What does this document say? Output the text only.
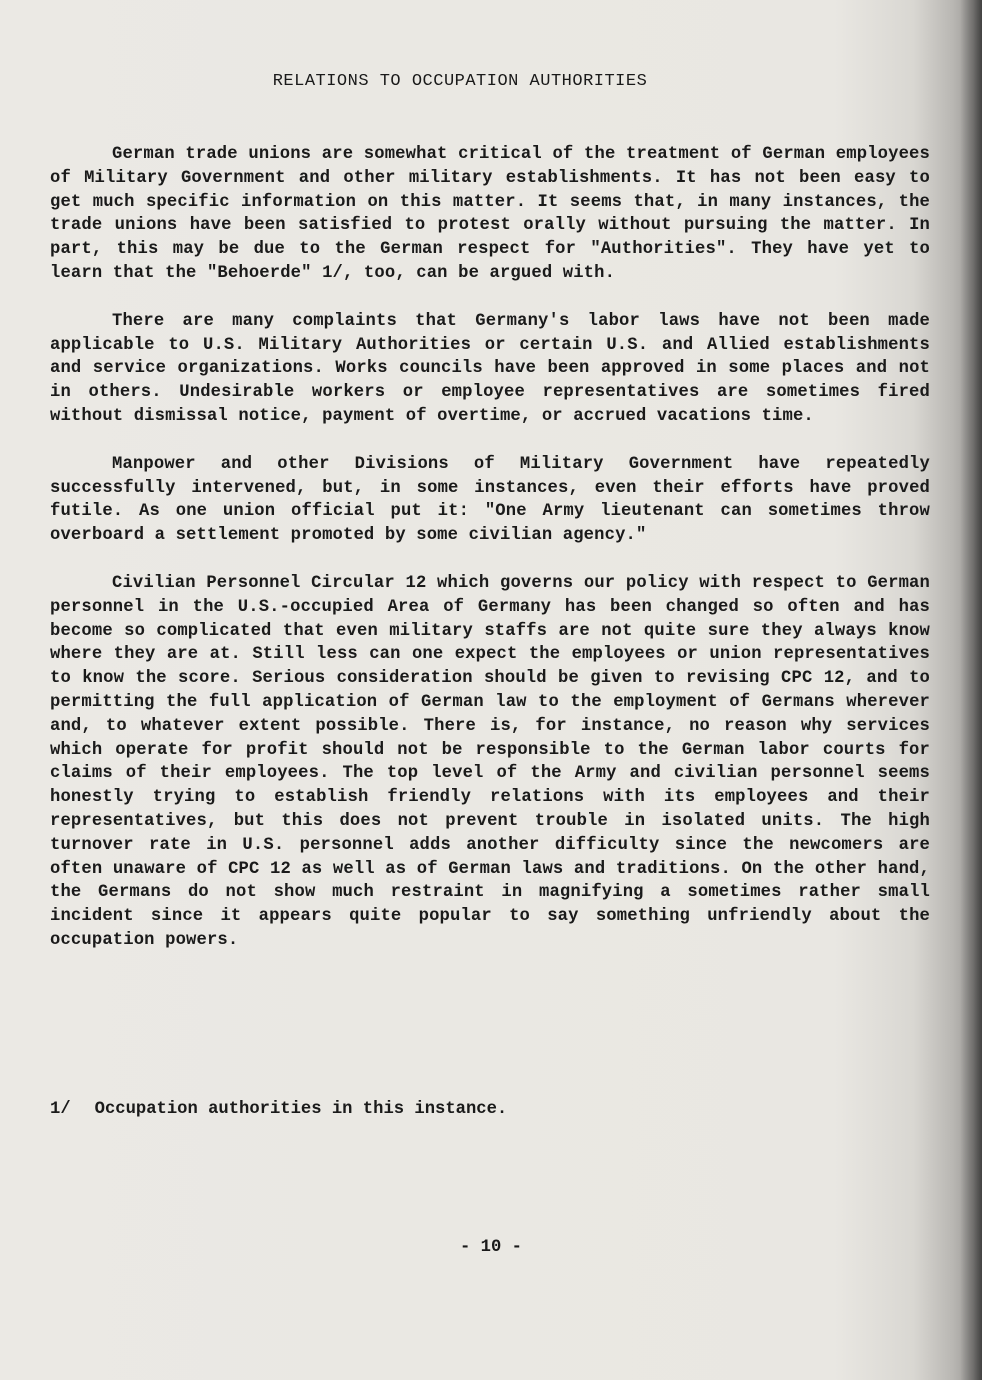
RELATIONS TO OCCUPATION AUTHORITIES

German trade unions are somewhat critical of the treatment of German employees of Military Government and other military establishments. It has not been easy to get much specific information on this matter. It seems that, in many instances, the trade unions have been satisfied to protest orally without pursuing the matter. In part, this may be due to the German respect for "Authorities". They have yet to learn that the "Behoerde" 1/, too, can be argued with.

There are many complaints that Germany's labor laws have not been made applicable to U.S. Military Authorities or certain U.S. and Allied establishments and service organizations. Works councils have been approved in some places and not in others. Undesirable workers or employee representatives are sometimes fired without dismissal notice, payment of overtime, or accrued vacations time.

Manpower and other Divisions of Military Government have repeatedly successfully intervened, but, in some instances, even their efforts have proved futile. As one union official put it: "One Army lieutenant can sometimes throw overboard a settlement promoted by some civilian agency."

Civilian Personnel Circular 12 which governs our policy with respect to German personnel in the U.S.-occupied Area of Germany has been changed so often and has become so complicated that even military staffs are not quite sure they always know where they are at. Still less can one expect the employees or union representatives to know the score. Serious consideration should be given to revising CPC 12, and to permitting the full application of German law to the employment of Germans wherever and, to whatever extent possible. There is, for instance, no reason why services which operate for profit should not be responsible to the German labor courts for claims of their employees. The top level of the Army and civilian personnel seems honestly trying to establish friendly relations with its employees and their representatives, but this does not prevent trouble in isolated units. The high turnover rate in U.S. personnel adds another difficulty since the newcomers are often unaware of CPC 12 as well as of German laws and traditions. On the other hand, the Germans do not show much restraint in magnifying a sometimes rather small incident since it appears quite popular to say something unfriendly about the occupation powers.

1/ Occupation authorities in this instance.
- 10 -
